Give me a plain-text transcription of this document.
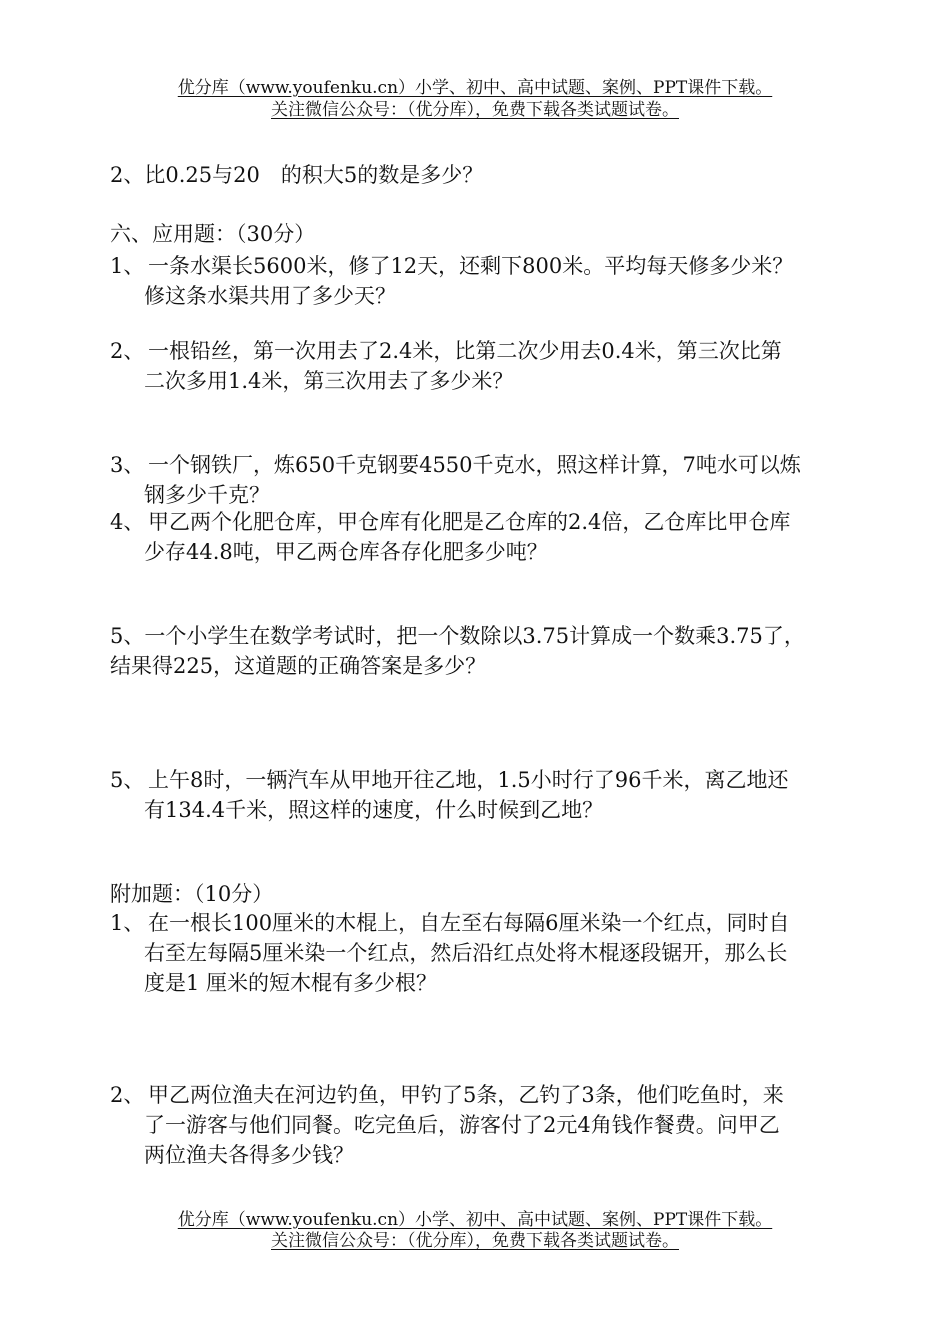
优分库（www.youfenku.cn）小学、初中、高中试题、案例、PPT课件下载。
关注微信公众号：（优分库），免费下载各类试题试卷。
2、比0.25与20　的积大5的数是多少？
六、应用题：（30分）
1、 一条水渠长5600米，修了12天，还剩下800米。平均每天修多少米？
修这条水渠共用了多少天？
2、 一根铅丝，第一次用去了2.4米，比第二次少用去0.4米，第三次比第
二次多用1.4米，第三次用去了多少米？
3、 一个钢铁厂，炼650千克钢要4550千克水，照这样计算，7吨水可以炼
钢多少千克？
4、 甲乙两个化肥仓库，甲仓库有化肥是乙仓库的2.4倍，乙仓库比甲仓库
少存44.8吨，甲乙两仓库各存化肥多少吨？
5、一个小学生在数学考试时，把一个数除以3.75计算成一个数乘3.75了，
结果得225，这道题的正确答案是多少？
5、 上午8时，一辆汽车从甲地开往乙地，1.5小时行了96千米，离乙地还
有134.4千米，照这样的速度，什么时候到乙地？
附加题：（10分）
1、 在一根长100厘米的木棍上，自左至右每隔6厘米染一个红点，同时自
右至左每隔5厘米染一个红点，然后沿红点处将木棍逐段锯开，那么长
度是1 厘米的短木棍有多少根？
2、 甲乙两位渔夫在河边钓鱼，甲钓了5条，乙钓了3条，他们吃鱼时，来
了一游客与他们同餐。吃完鱼后，游客付了2元4角钱作餐费。问甲乙
两位渔夫各得多少钱？
优分库（www.youfenku.cn）小学、初中、高中试题、案例、PPT课件下载。
关注微信公众号：（优分库），免费下载各类试题试卷。
